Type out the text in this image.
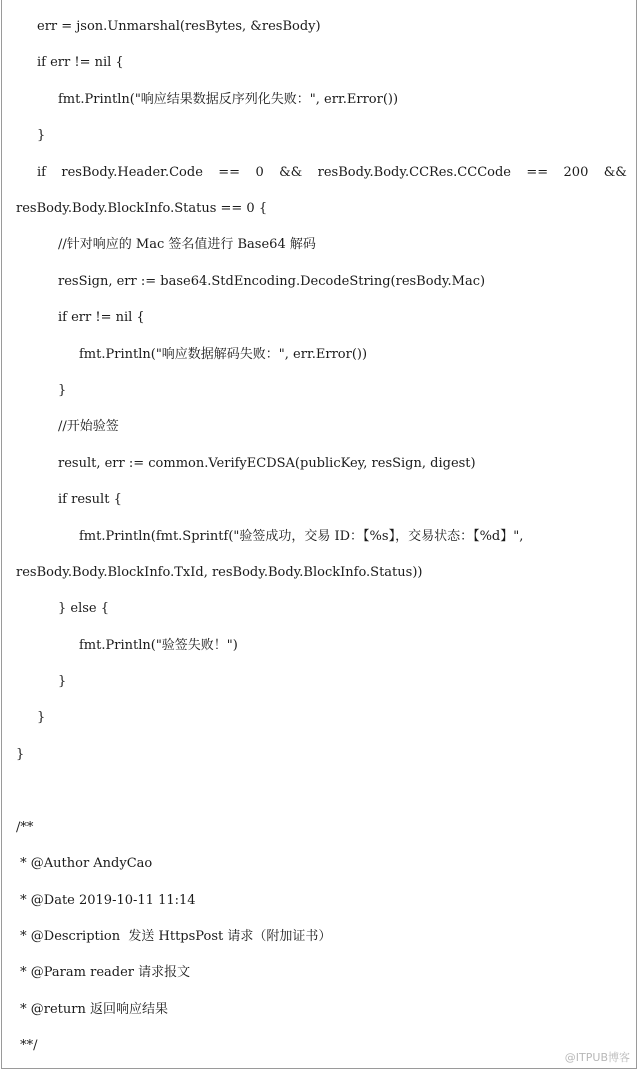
err = json.Unmarshal(resBytes, &resBody)
if err != nil {
fmt.Println("响应结果数据反序列化失败：", err.Error())
}
if resBody.Header.Code == 0 && resBody.Body.CCRes.CCCode == 200 &&
resBody.Body.BlockInfo.Status == 0 {
//针对响应的 Mac 签名值进行 Base64 解码
resSign, err := base64.StdEncoding.DecodeString(resBody.Mac)
if err != nil {
fmt.Println("响应数据解码失败：", err.Error())
}
//开始验签
result, err := common.VerifyECDSA(publicKey, resSign, digest)
if result {
fmt.Println(fmt.Sprintf("验签成功，交易 ID：【%s】，交易状态：【%d】",
resBody.Body.BlockInfo.TxId, resBody.Body.BlockInfo.Status))
} else {
fmt.Println("验签失败！")
}
}
}
/**
* @Author AndyCao
* @Date 2019-10-11 11:14
* @Description  发送 HttpsPost 请求（附加证书）
* @Param reader 请求报文
* @return 返回响应结果
**/
@ITPUB博客
